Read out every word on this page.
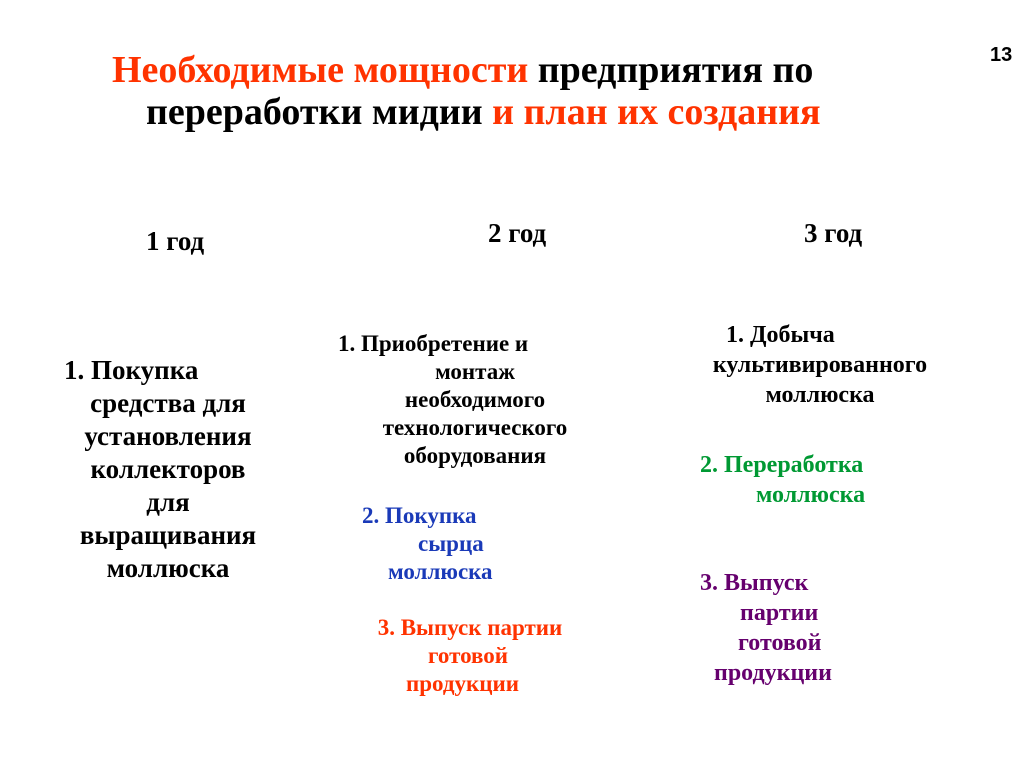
Необходимые мощности предприятия по
переработки мидии и план их создания
13
1 год	2 год	3 год
1. Покупка
средства для
установления
коллекторов
для
выращивания
моллюска
1. Приобретение и
монтаж
необходимого
технологического
оборудования
2. Покупка
сырца
моллюска
3. Выпуск партии
готовой
продукции
1. Добыча
культивированного
моллюска
2. Переработка
моллюска
3. Выпуск
партии
готовой
продукции
